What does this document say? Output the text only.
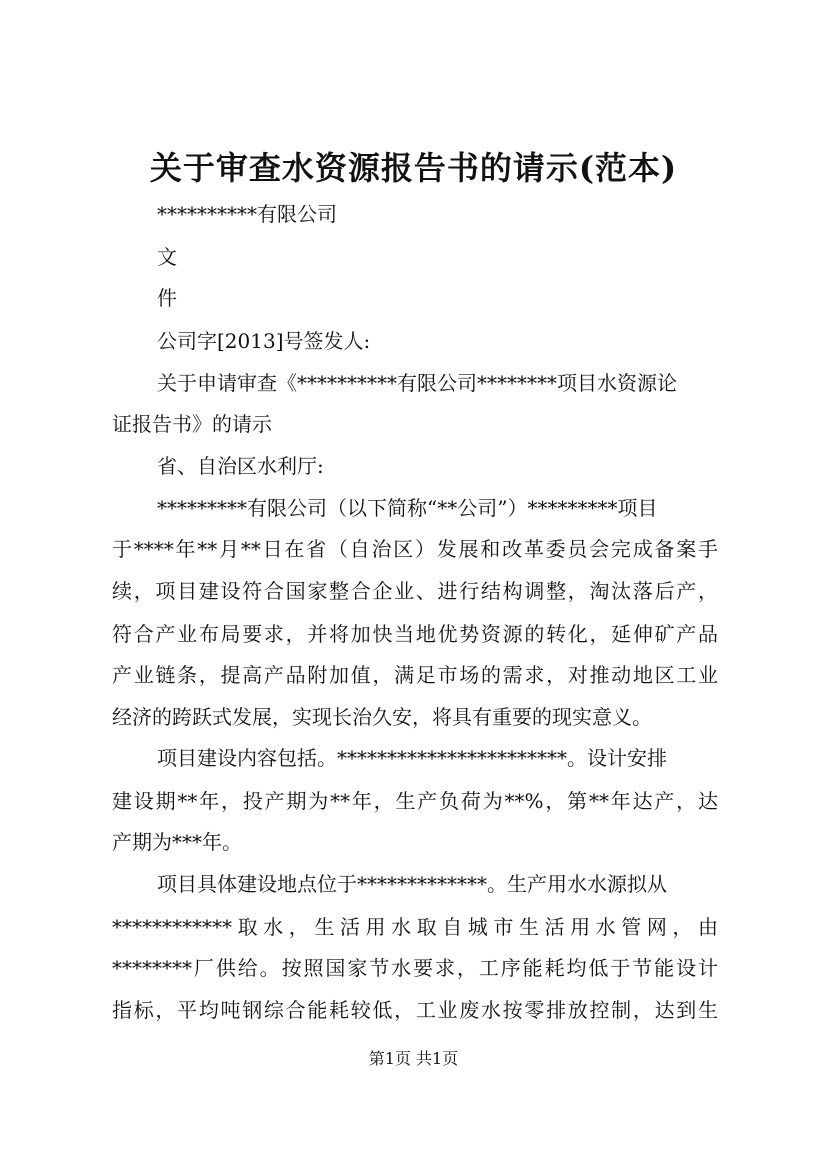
关于审查水资源报告书的请示(范本)
**********有限公司
文
件
公司字[2013]号签发人:
关于申请审查《**********有限公司********项目水资源论
证报告书》的请示
省、自治区水利厅:
*********有限公司（以下简称“**公司”）*********项目
于****年**月**日在省（自治区）发展和改革委员会完成备案手
续，项目建设符合国家整合企业、进行结构调整，淘汰落后产，
符合产业布局要求，并将加快当地优势资源的转化，延伸矿产品
产业链条，提高产品附加值，满足市场的需求，对推动地区工业
经济的跨跃式发展，实现长治久安，将具有重要的现实意义。
项目建设内容包括。***********************。设计安排
建设期**年，投产期为**年，生产负荷为**%，第**年达产，达
产期为***年。
项目具体建设地点位于*************。生产用水水源拟从
************取水，生活用水取自城市生活用水管网，由
********厂供给。按照国家节水要求，工序能耗均低于节能设计
指标，平均吨钢综合能耗较低，工业废水按零排放控制，达到生
第1页 共1页
